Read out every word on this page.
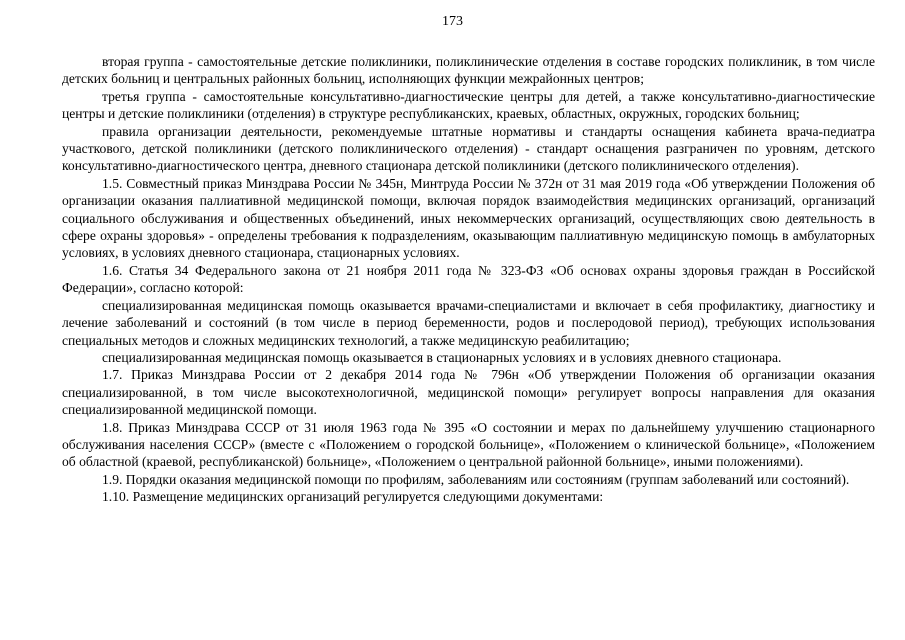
173

вторая группа - самостоятельные детские поликлиники, поликлинические отделения в составе городских поликлиник, в том числе детских больниц и центральных районных больниц, исполняющих функции межрайонных центров;

третья группа - самостоятельные консультативно-диагностические центры для детей, а также консультативно-диагностические центры и детские поликлиники (отделения) в структуре республиканских, краевых, областных, окружных, городских больниц;

правила организации деятельности, рекомендуемые штатные нормативы и стандарты оснащения кабинета врача-педиатра участкового, детской поликлиники (детского поликлинического отделения) - стандарт оснащения разграничен по уровням, детского консультативно-диагностического центра, дневного стационара детской поликлиники (детского поликлинического отделения).

1.5. Совместный приказ Минздрава России № 345н, Минтруда России № 372н от 31 мая 2019 года «Об утверждении Положения об организации оказания паллиативной медицинской помощи, включая порядок взаимодействия медицинских организаций, организаций социального обслуживания и общественных объединений, иных некоммерческих организаций, осуществляющих свою деятельность в сфере охраны здоровья» - определены требования к подразделениям, оказывающим паллиативную медицинскую помощь в амбулаторных условиях, в условиях дневного стационара, стационарных условиях.

1.6. Статья 34 Федерального закона от 21 ноября 2011 года № 323-ФЗ «Об основах охраны здоровья граждан в Российской Федерации», согласно которой:

специализированная медицинская помощь оказывается врачами-специалистами и включает в себя профилактику, диагностику и лечение заболеваний и состояний (в том числе в период беременности, родов и послеродовой период), требующих использования специальных методов и сложных медицинских технологий, а также медицинскую реабилитацию;

специализированная медицинская помощь оказывается в стационарных условиях и в условиях дневного стационара.

1.7. Приказ Минздрава России от 2 декабря 2014 года № 796н «Об утверждении Положения об организации оказания специализированной, в том числе высокотехнологичной, медицинской помощи» регулирует вопросы направления для оказания специализированной медицинской помощи.

1.8. Приказ Минздрава СССР от 31 июля 1963 года № 395 «О состоянии и мерах по дальнейшему улучшению стационарного обслуживания населения СССР» (вместе с «Положением о городской больнице», «Положением о клинической больнице», «Положением об областной (краевой, республиканской) больнице», «Положением о центральной районной больнице», иными положениями).

1.9. Порядки оказания медицинской помощи по профилям, заболеваниям или состояниям (группам заболеваний или состояний).

1.10. Размещение медицинских организаций регулируется следующими документами:
